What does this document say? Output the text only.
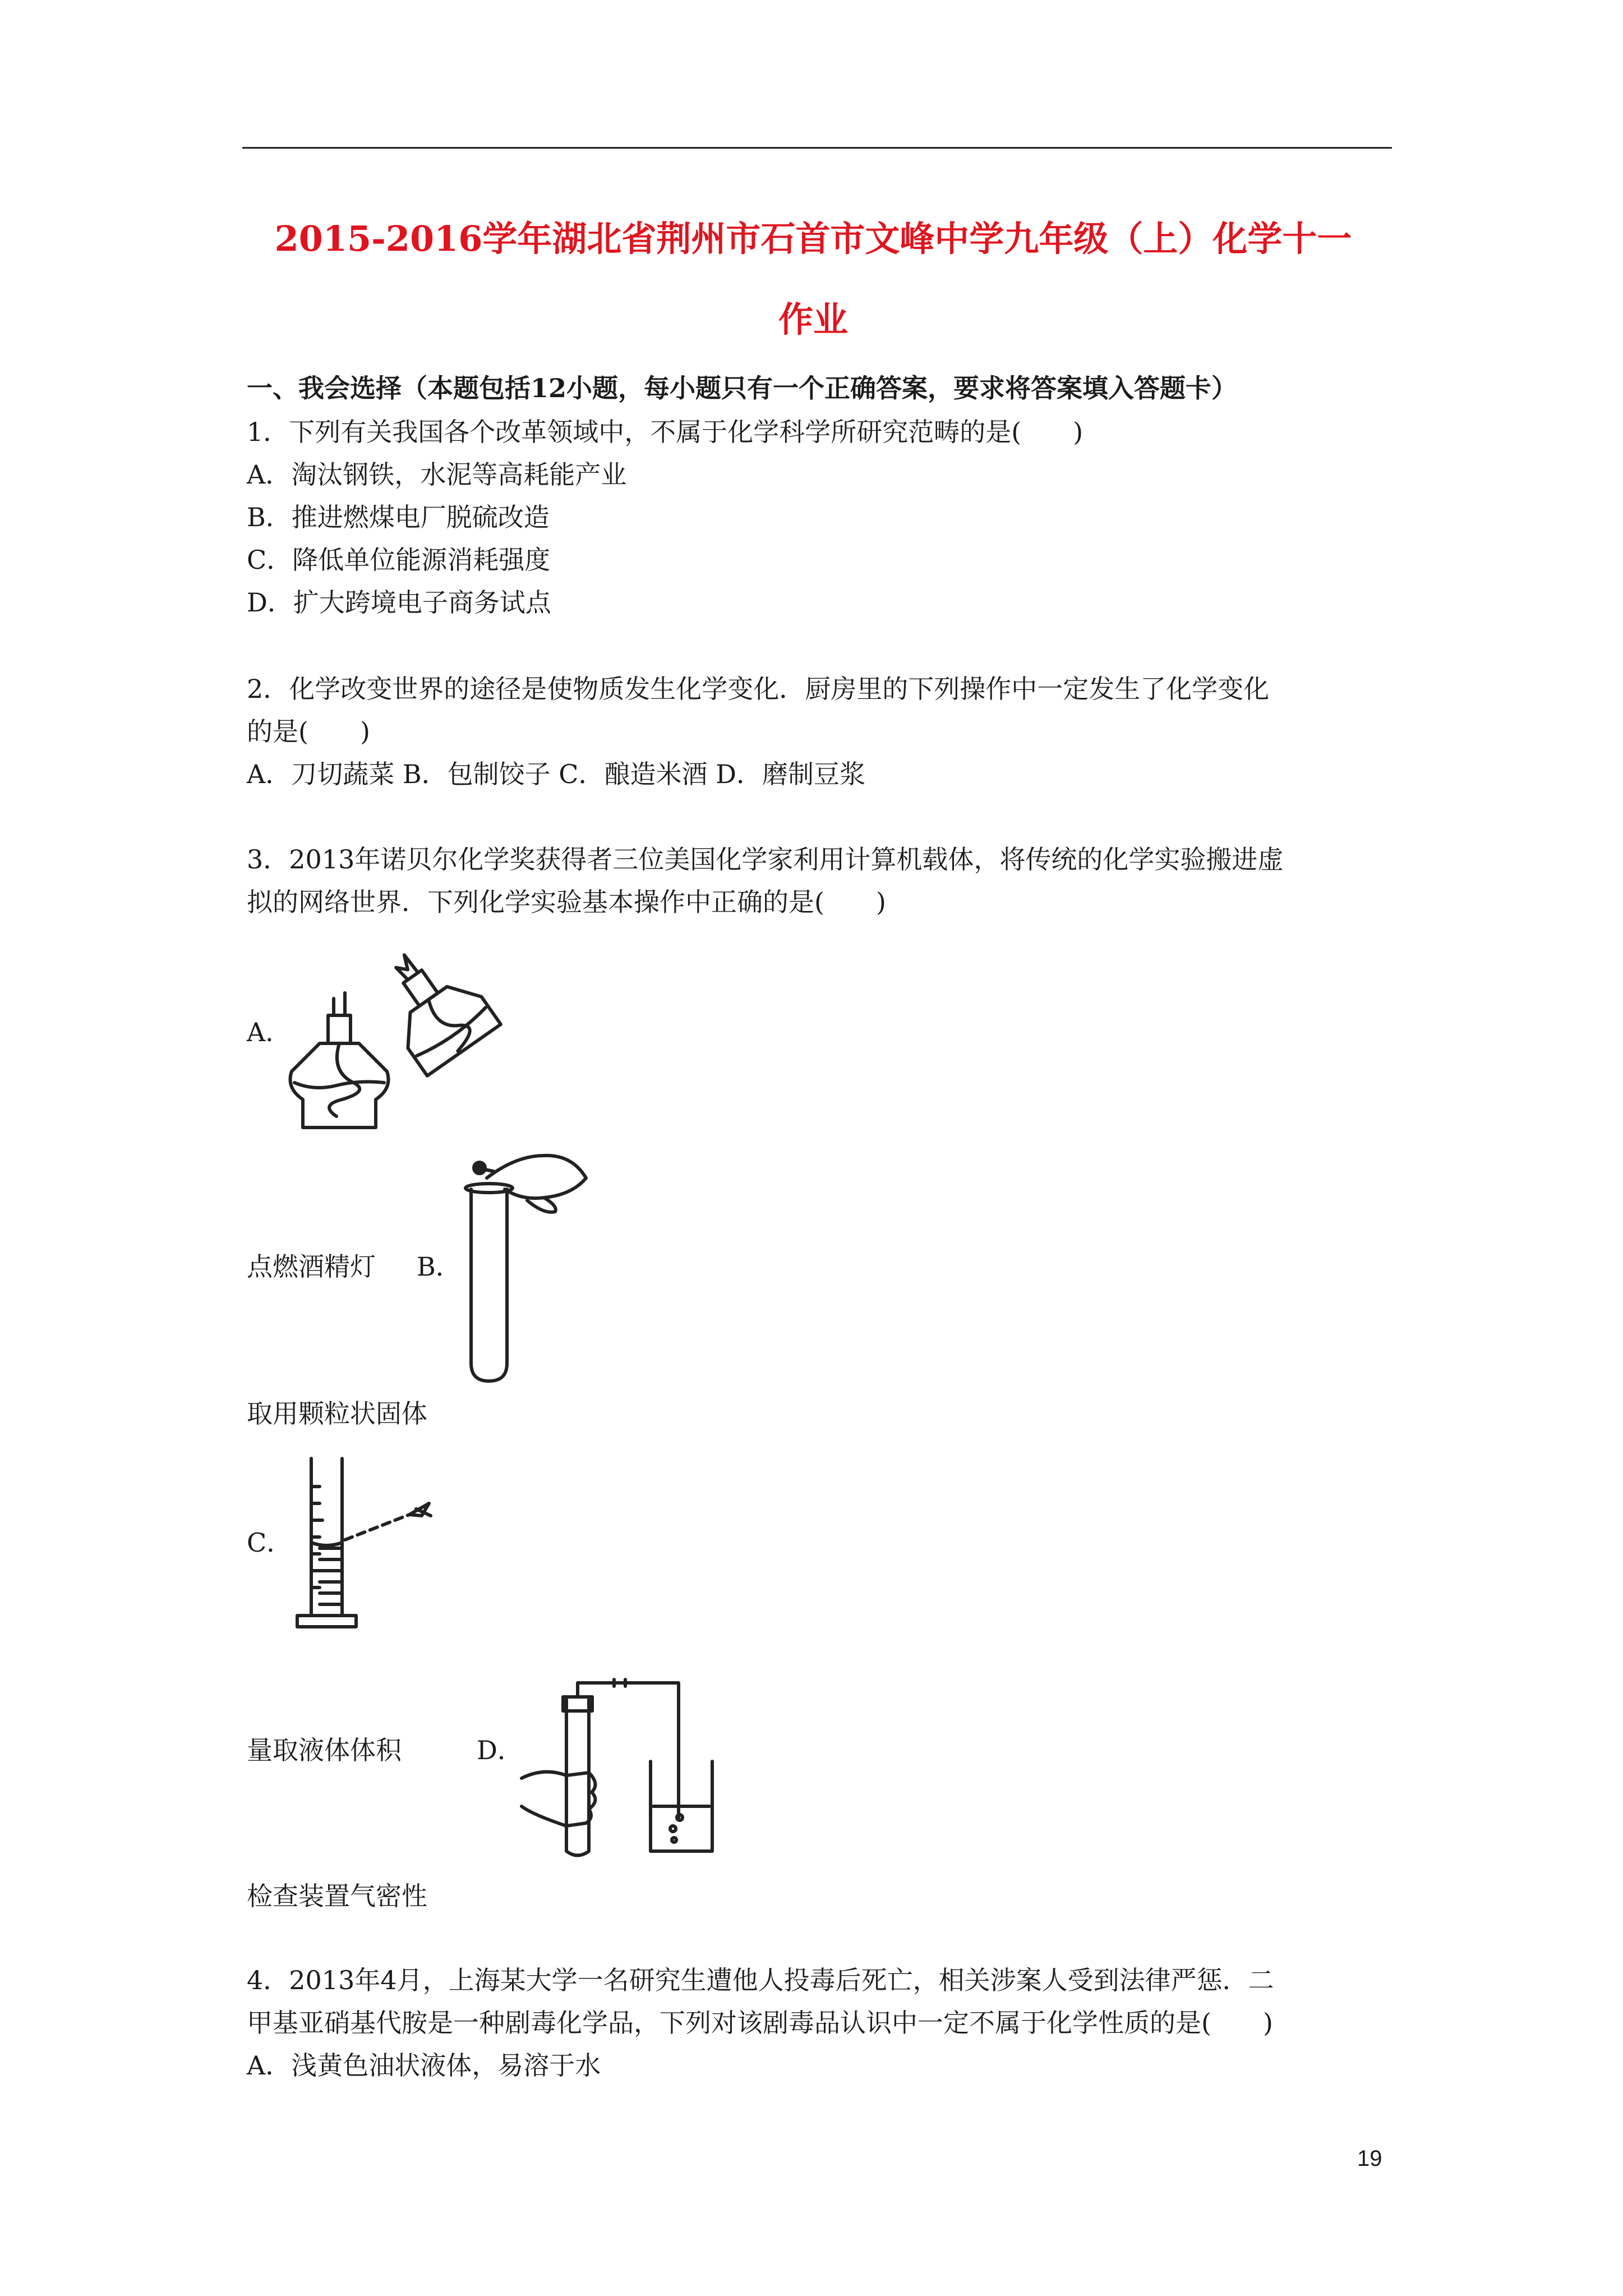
2015-2016学年湖北省荆州市石首市文峰中学九年级（上）化学十一
作业
一、我会选择（本题包括12小题，每小题只有一个正确答案，要求将答案填入答题卡）
1．下列有关我国各个改革领域中，不属于化学科学所研究范畴的是(　　)
A．淘汰钢铁，水泥等高耗能产业
B．推进燃煤电厂脱硫改造
C．降低单位能源消耗强度
D．扩大跨境电子商务试点
2．化学改变世界的途径是使物质发生化学变化．厨房里的下列操作中一定发生了化学变化
的是(　　)
A．刀切蔬菜 B．包制饺子 C．酿造米酒 D．磨制豆浆
3．2013年诺贝尔化学奖获得者三位美国化学家利用计算机载体，将传统的化学实验搬进虚
拟的网络世界．下列化学实验基本操作中正确的是(　　)
A．
点燃酒精灯 B．
取用颗粒状固体
C．
量取液体体积	D．
检查装置气密性
4．2013年4月，上海某大学一名研究生遭他人投毒后死亡，相关涉案人受到法律严惩．二
甲基亚硝基代胺是一种剧毒化学品，下列对该剧毒品认识中一定不属于化学性质的是(　　)
A．浅黄色油状液体，易溶于水
19
